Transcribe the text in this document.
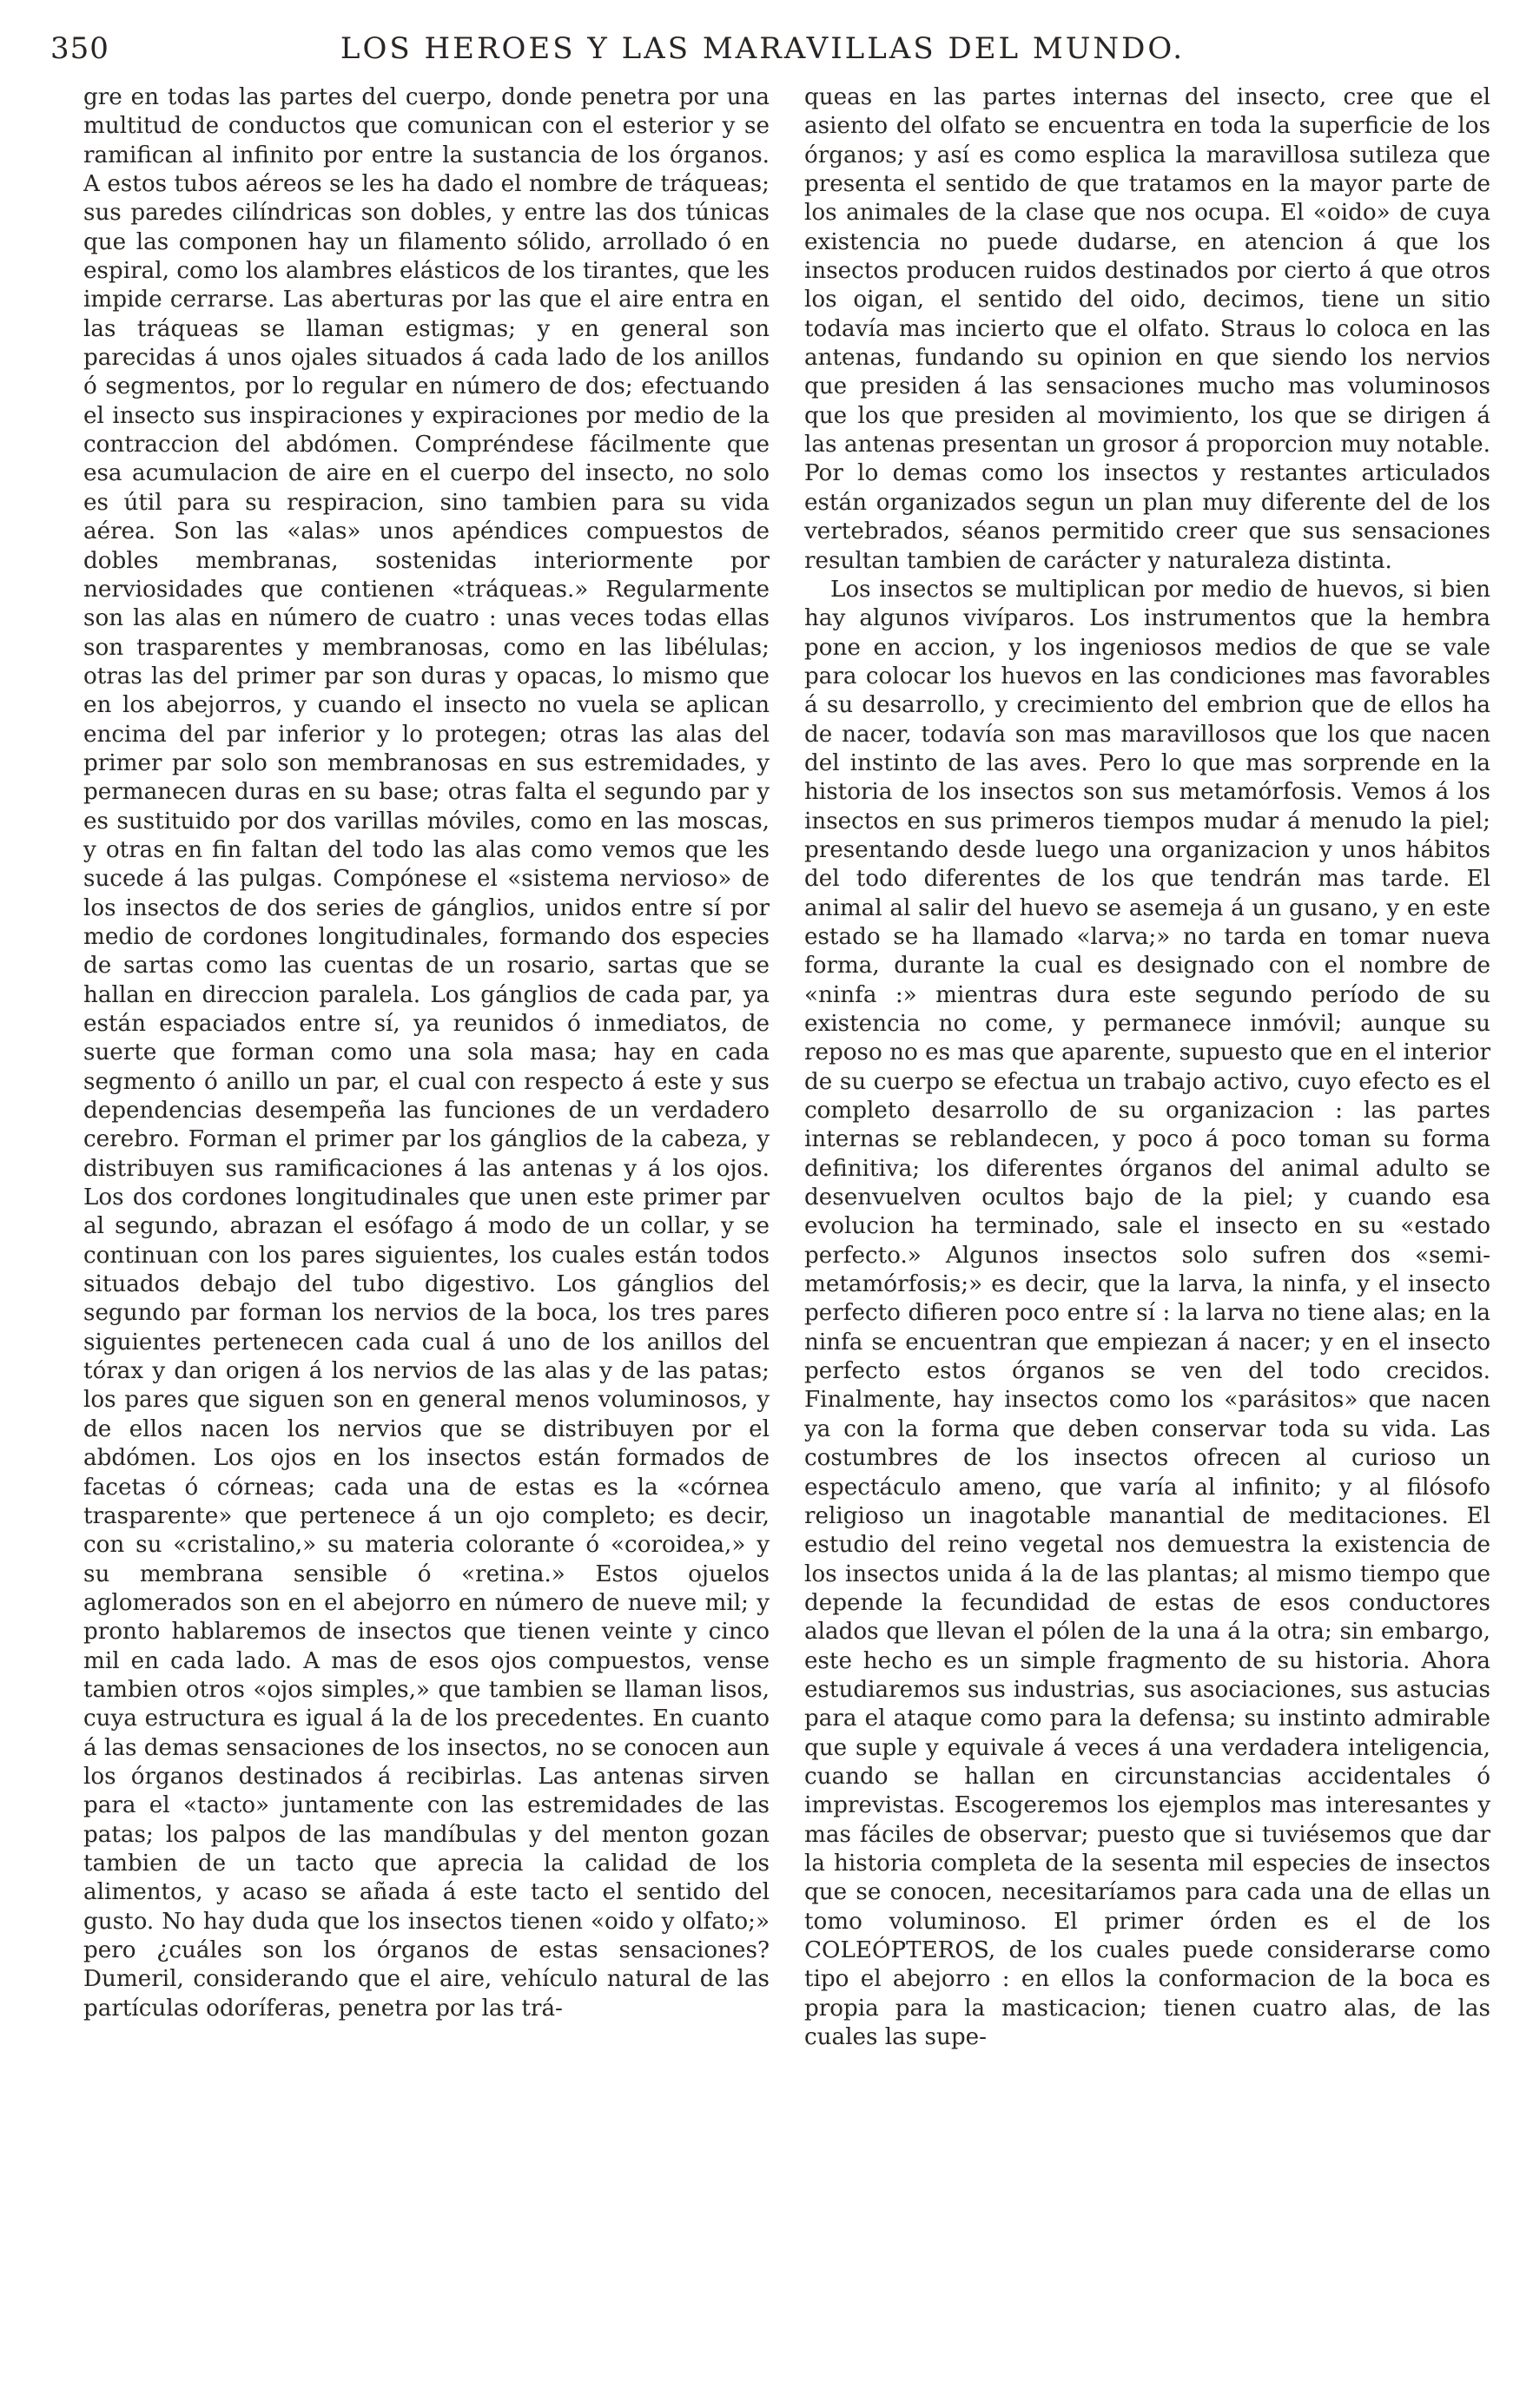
350	LOS HEROES Y LAS MARAVILLAS DEL MUNDO.

gre en todas las partes del cuerpo, donde penetra por una multitud de conductos que comunican con el esterior y se ramifican al infinito por entre la sustancia de los órganos. A estos tubos aéreos se les ha dado el nombre de tráqueas; sus paredes cilíndricas son dobles, y entre las dos túnicas que las componen hay un filamento sólido, arrollado ó en espiral, como los alambres elásticos de los tirantes, que les impide cerrarse. Las aberturas por las que el aire entra en las tráqueas se llaman estigmas; y en general son parecidas á unos ojales situados á cada lado de los anillos ó segmentos, por lo regular en número de dos; efectuando el insecto sus inspiraciones y expiraciones por medio de la contraccion del abdómen. Compréndese fácilmente que esa acumulacion de aire en el cuerpo del insecto, no solo es útil para su respiracion, sino tambien para su vida aérea. Son las «alas» unos apéndices compuestos de dobles membranas, sostenidas interiormente por nerviosidades que contienen «tráqueas.» Regularmente son las alas en número de cuatro : unas veces todas ellas son trasparentes y membranosas, como en las libélulas; otras las del primer par son duras y opacas, lo mismo que en los abejorros, y cuando el insecto no vuela se aplican encima del par inferior y lo protegen; otras las alas del primer par solo son membranosas en sus estremidades, y permanecen duras en su base; otras falta el segundo par y es sustituido por dos varillas móviles, como en las moscas, y otras en fin faltan del todo las alas como vemos que les sucede á las pulgas. Compónese el «sistema nervioso» de los insectos de dos series de gánglios, unidos entre sí por medio de cordones longitudinales, formando dos especies de sartas como las cuentas de un rosario, sartas que se hallan en direccion paralela. Los gánglios de cada par, ya están espaciados entre sí, ya reunidos ó inmediatos, de suerte que forman como una sola masa; hay en cada segmento ó anillo un par, el cual con respecto á este y sus dependencias desempeña las funciones de un verdadero cerebro. Forman el primer par los gánglios de la cabeza, y distribuyen sus ramificaciones á las antenas y á los ojos. Los dos cordones longitudinales que unen este primer par al segundo, abrazan el esófago á modo de un collar, y se continuan con los pares siguientes, los cuales están todos situados debajo del tubo digestivo. Los gánglios del segundo par forman los nervios de la boca, los tres pares siguientes pertenecen cada cual á uno de los anillos del tórax y dan origen á los nervios de las alas y de las patas; los pares que siguen son en general menos voluminosos, y de ellos nacen los nervios que se distribuyen por el abdómen. Los ojos en los insectos están formados de facetas ó córneas; cada una de estas es la «córnea trasparente» que pertenece á un ojo completo; es decir, con su «cristalino,» su materia colorante ó «coroidea,» y su membrana sensible ó «retina.» Estos ojuelos aglomerados son en el abejorro en número de nueve mil; y pronto hablaremos de insectos que tienen veinte y cinco mil en cada lado. A mas de esos ojos compuestos, vense tambien otros «ojos simples,» que tambien se llaman lisos, cuya estructura es igual á la de los precedentes. En cuanto á las demas sensaciones de los insectos, no se conocen aun los órganos destinados á recibirlas. Las antenas sirven para el «tacto» juntamente con las estremidades de las patas; los palpos de las mandíbulas y del menton gozan tambien de un tacto que aprecia la calidad de los alimentos, y acaso se añada á este tacto el sentido del gusto. No hay duda que los insectos tienen «oido y olfato;» pero ¿cuáles son los órganos de estas sensaciones? Dumeril, considerando que el aire, vehículo natural de las partículas odoríferas, penetra por las trá-

queas en las partes internas del insecto, cree que el asiento del olfato se encuentra en toda la superficie de los órganos; y así es como esplica la maravillosa sutileza que presenta el sentido de que tratamos en la mayor parte de los animales de la clase que nos ocupa. El «oido» de cuya existencia no puede dudarse, en atencion á que los insectos producen ruidos destinados por cierto á que otros los oigan, el sentido del oido, decimos, tiene un sitio todavía mas incierto que el olfato. Straus lo coloca en las antenas, fundando su opinion en que siendo los nervios que presiden á las sensaciones mucho mas voluminosos que los que presiden al movimiento, los que se dirigen á las antenas presentan un grosor á proporcion muy notable. Por lo demas como los insectos y restantes articulados están organizados segun un plan muy diferente del de los vertebrados, séanos permitido creer que sus sensaciones resultan tambien de carácter y naturaleza distinta.

Los insectos se multiplican por medio de huevos, si bien hay algunos vivíparos. Los instrumentos que la hembra pone en accion, y los ingeniosos medios de que se vale para colocar los huevos en las condiciones mas favorables á su desarrollo, y crecimiento del embrion que de ellos ha de nacer, todavía son mas maravillosos que los que nacen del instinto de las aves. Pero lo que mas sorprende en la historia de los insectos son sus metamórfosis. Vemos á los insectos en sus primeros tiempos mudar á menudo la piel; presentando desde luego una organizacion y unos hábitos del todo diferentes de los que tendrán mas tarde. El animal al salir del huevo se asemeja á un gusano, y en este estado se ha llamado «larva;» no tarda en tomar nueva forma, durante la cual es designado con el nombre de «ninfa :» mientras dura este segundo período de su existencia no come, y permanece inmóvil; aunque su reposo no es mas que aparente, supuesto que en el interior de su cuerpo se efectua un trabajo activo, cuyo efecto es el completo desarrollo de su organizacion : las partes internas se reblandecen, y poco á poco toman su forma definitiva; los diferentes órganos del animal adulto se desenvuelven ocultos bajo de la piel; y cuando esa evolucion ha terminado, sale el insecto en su «estado perfecto.» Algunos insectos solo sufren dos «semi-metamórfosis;» es decir, que la larva, la ninfa, y el insecto perfecto difieren poco entre sí : la larva no tiene alas; en la ninfa se encuentran que empiezan á nacer; y en el insecto perfecto estos órganos se ven del todo crecidos. Finalmente, hay insectos como los «parásitos» que nacen ya con la forma que deben conservar toda su vida. Las costumbres de los insectos ofrecen al curioso un espectáculo ameno, que varía al infinito; y al filósofo religioso un inagotable manantial de meditaciones. El estudio del reino vegetal nos demuestra la existencia de los insectos unida á la de las plantas; al mismo tiempo que depende la fecundidad de estas de esos conductores alados que llevan el pólen de la una á la otra; sin embargo, este hecho es un simple fragmento de su historia. Ahora estudiaremos sus industrias, sus asociaciones, sus astucias para el ataque como para la defensa; su instinto admirable que suple y equivale á veces á una verdadera inteligencia, cuando se hallan en circunstancias accidentales ó imprevistas. Escogeremos los ejemplos mas interesantes y mas fáciles de observar; puesto que si tuviésemos que dar la historia completa de la sesenta mil especies de insectos que se conocen, necesitaríamos para cada una de ellas un tomo voluminoso. El primer órden es el de los COLEÓPTEROS, de los cuales puede considerarse como tipo el abejorro : en ellos la conformacion de la boca es propia para la masticacion; tienen cuatro alas, de las cuales las supe-
